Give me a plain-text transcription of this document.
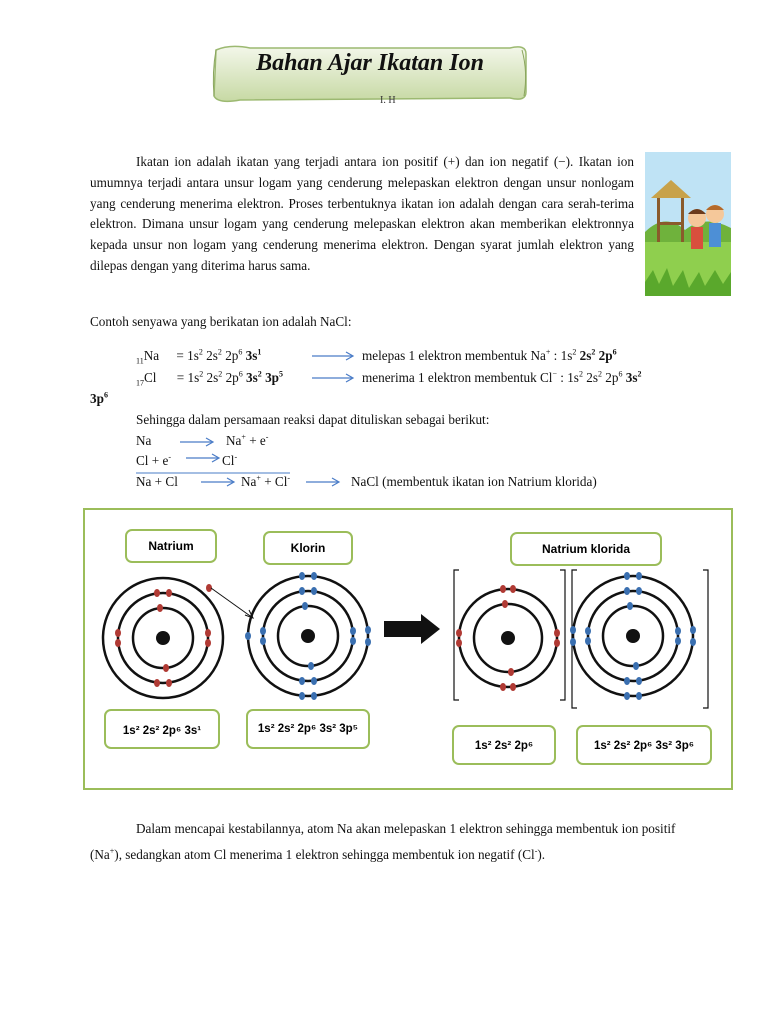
Bahan Ajar Ikatan Ion
I. H

Ikatan ion adalah ikatan yang terjadi antara ion positif (+) dan ion negatif (−). Ikatan ion umumnya terjadi antara unsur logam yang cenderung melepaskan elektron dengan unsur nonlogam yang cenderung menerima elektron. Proses terbentuknya ikatan ion adalah dengan cara serah-terima elektron. Dimana unsur logam yang cenderung melepaskan elektron akan memberikan elektronnya kepada unsur non logam yang cenderung menerima elektron. Dengan syarat jumlah elektron yang dilepas dengan yang diterima harus sama.

Contoh senyawa yang berikatan ion adalah NaCl:
$_{11}Na = 1s^2$ $2s^2$ $2p^6$ $3s^1$	melepas 1 elektron membentuk Na+ : $1s^2$ $2s^2$ $2p^6$
$_{17}Cl = 1s^2$ $2s^2$ $2p^6$ $3s^2$ $3p^5$	menerima 1 elektron membentuk Cl− : $1s^2$ $2s^2$ $2p^6$ $3s^2$
$3p^6$
Sehingga dalam persamaan reaksi dapat dituliskan sebagai berikut:
Na	Na+ + e-
Cl + e-	Cl-
Na + Cl	Na+ + Cl-	NaCl (membentuk ikatan ion Natrium klorida)
Natrium	Klorin	Natrium klorida
1s² 2s² 2p⁶ 3s¹	1s² 2s² 2p⁶ 3s² 3p⁵
1s² 2s² 2p⁶	1s² 2s² 2p⁶ 3s² 3p⁶

Dalam mencapai kestabilannya, atom Na akan melepaskan 1 elektron sehingga membentuk ion positif (Na+), sedangkan atom Cl menerima 1 elektron sehingga membentuk ion negatif (Cl-).
